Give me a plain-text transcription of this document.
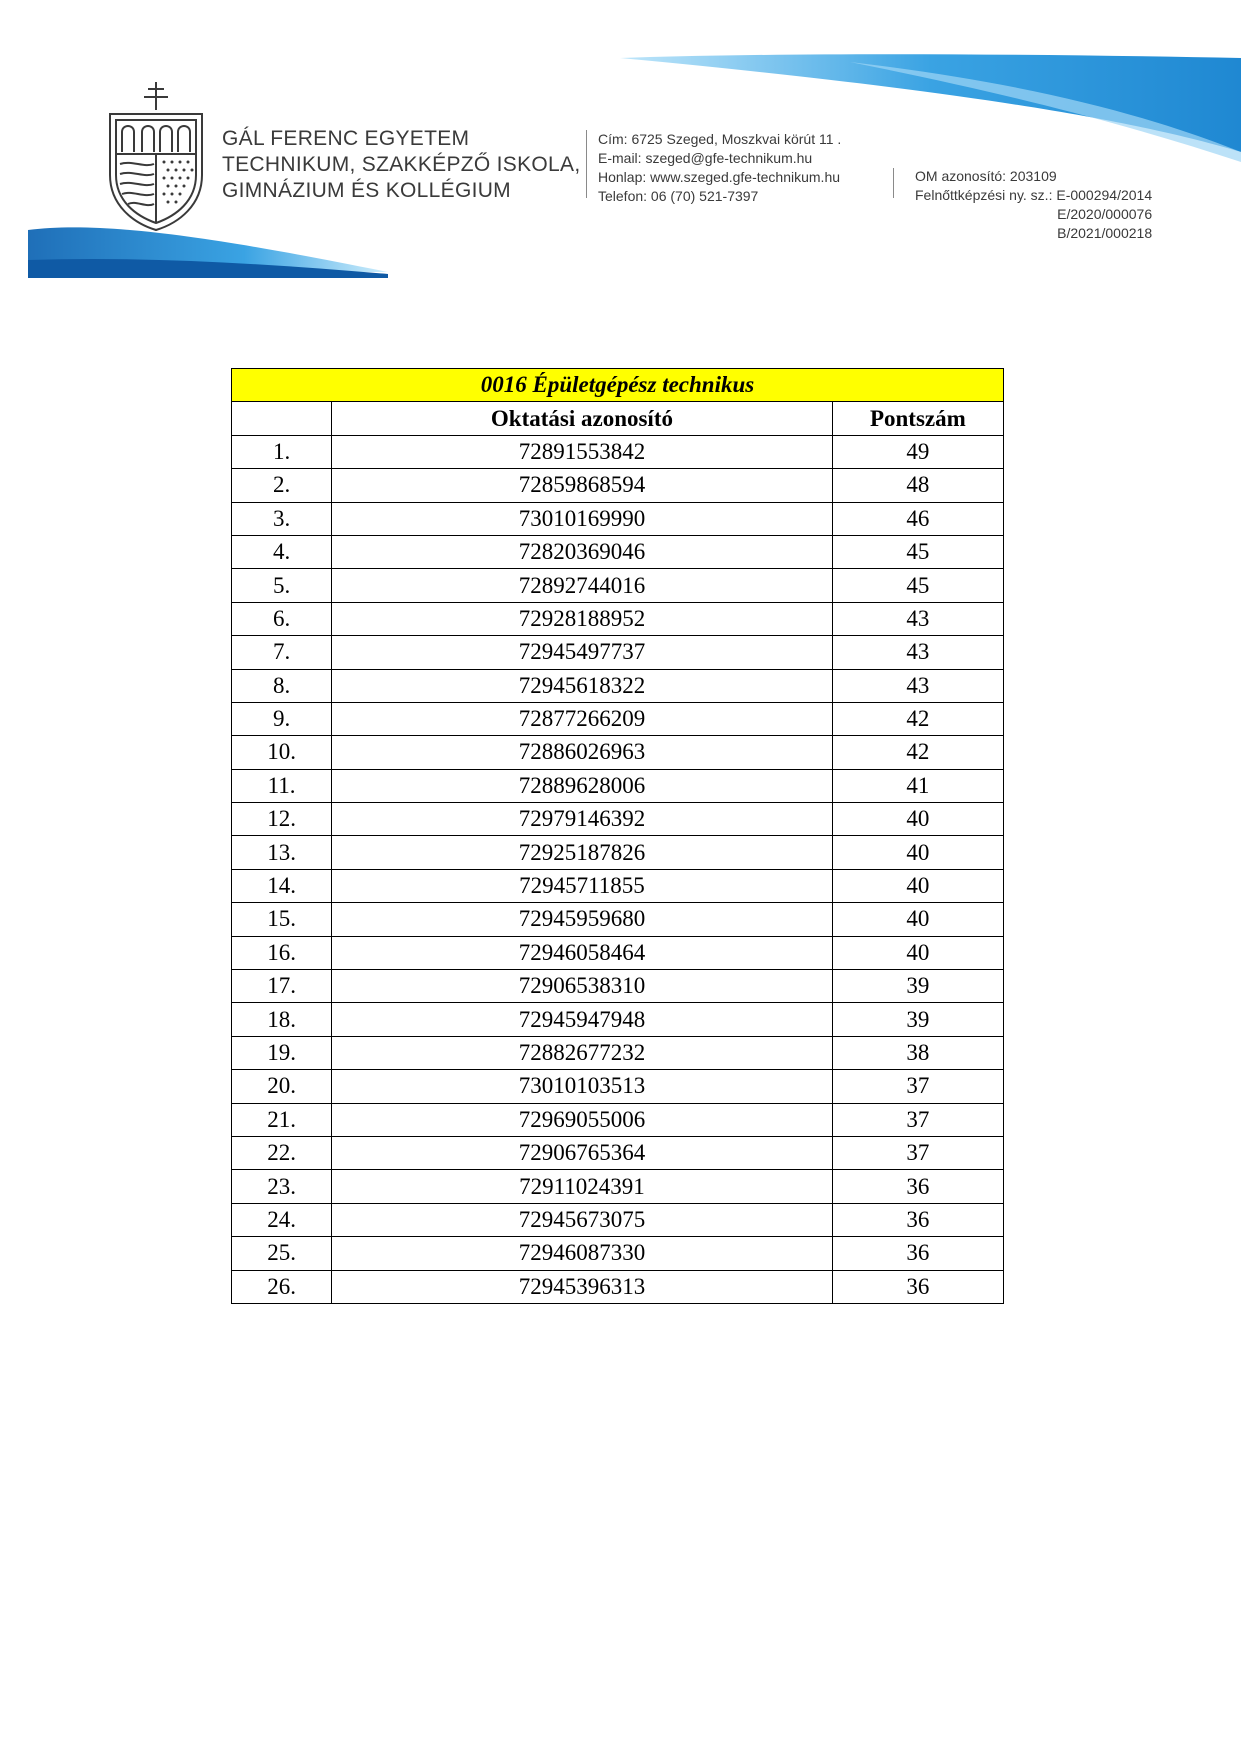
GÁL FERENC EGYETEM
TECHNIKUM, SZAKKÉPZŐ ISKOLA,
GIMNÁZIUM ÉS KOLLÉGIUM
Cím: 6725 Szeged, Moszkvai körút 11 .
E-mail: szeged@gfe-technikum.hu
Honlap: www.szeged.gfe-technikum.hu
Telefon: 06 (70) 521-7397
OM azonosító: 203109
Felnőttképzési ny. sz.: E-000294/2014
E/2020/000076
B/2021/000218
0016 Épületgépész technikus		
	Oktatási azonosító	Pontszám
1.	72891553842	49
2.	72859868594	48
3.	73010169990	46
4.	72820369046	45
5.	72892744016	45
6.	72928188952	43
7.	72945497737	43
8.	72945618322	43
9.	72877266209	42
10.	72886026963	42
11.	72889628006	41
12.	72979146392	40
13.	72925187826	40
14.	72945711855	40
15.	72945959680	40
16.	72946058464	40
17.	72906538310	39
18.	72945947948	39
19.	72882677232	38
20.	73010103513	37
21.	72969055006	37
22.	72906765364	37
23.	72911024391	36
24.	72945673075	36
25.	72946087330	36
26.	72945396313	36
